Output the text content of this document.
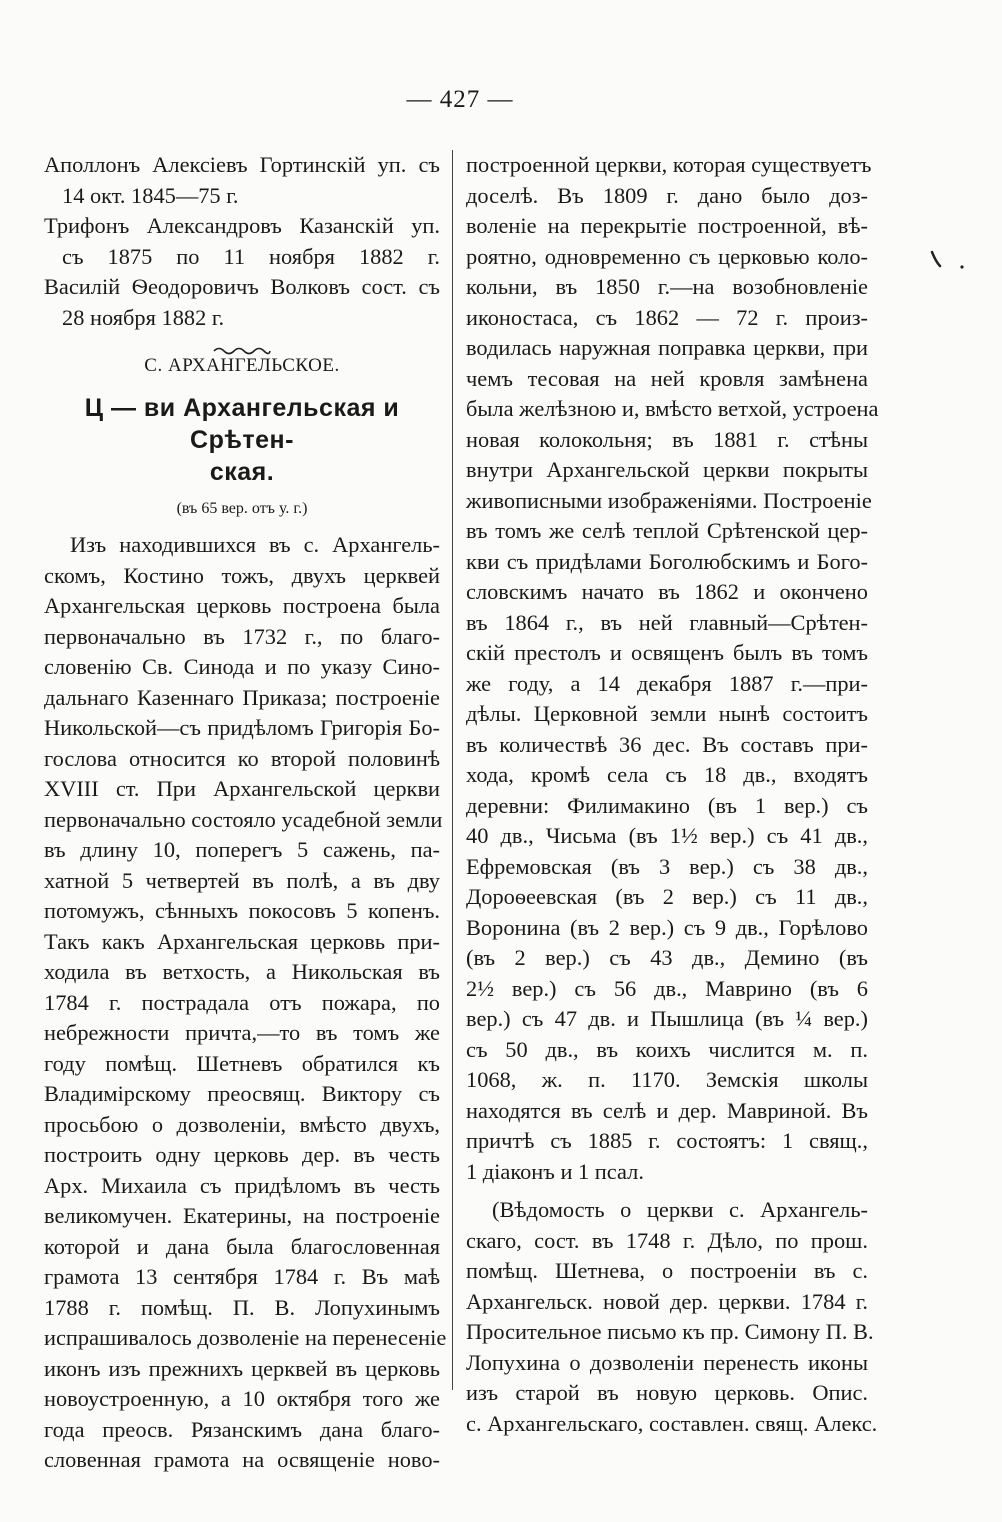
— 427 —
Аполлонъ Алексіевъ Гортинскій уп. съ
14 окт. 1845—75 г.
Трифонъ Александровъ Казанскій уп.
съ 1875 по 11 ноября 1882 г.
Василій Ѳеодоровичъ Волковъ сост. съ
28 ноября 1882 г.
С. АРХАНГЕЛЬСКОЕ.
Ц — ви Архангельская и Срѣтен-
ская.
(въ 65 вер. отъ у. г.)
Изъ находившихся въ с. Архангель-
скомъ, Костино тожъ, двухъ церквей
Архангельская церковь построена была
первоначально въ 1732 г., по благо-
словенію Св. Синода и по указу Сино-
дальнаго Казеннаго Приказа; построеніе
Никольской—съ придѣломъ Григорія Бо-
гослова относится ко второй половинѣ
XVIII ст. При Архангельской церкви
первоначально состояло усадебной земли
въ длину 10, поперегъ 5 сажень, па-
хатной 5 четвертей въ полѣ, а въ дву
потомужъ, сѣнныхъ покосовъ 5 копенъ.
Такъ какъ Архангельская церковь при-
ходила въ ветхость, а Никольская въ
1784 г. пострадала отъ пожара, по
небрежности причта,—то въ томъ же
году помѣщ. Шетневъ обратился къ
Владимірскому преосвящ. Виктору съ
просьбою о дозволеніи, вмѣсто двухъ,
построить одну церковь дер. въ честь
Арх. Михаила съ придѣломъ въ честь
великомучен. Екатерины, на построеніе
которой и дана была благословенная
грамота 13 сентября 1784 г. Въ маѣ
1788 г. помѣщ. П. В. Лопухинымъ
испрашивалось дозволеніе на перенесеніе
иконъ изъ прежнихъ церквей въ церковь
новоустроенную, а 10 октября того же
года преосв. Рязанскимъ дана благо-
словенная грамота на освященіе ново-
построенной церкви, которая существуетъ
доселѣ. Въ 1809 г. дано было доз-
воленіе на перекрытіе построенной, вѣ-
роятно, одновременно съ церковью коло-
кольни, въ 1850 г.—на возобновленіе
иконостаса, съ 1862 — 72 г. произ-
водилась наружная поправка церкви, при
чемъ тесовая на ней кровля замѣнена
была желѣзною и, вмѣсто ветхой, устроена
новая колокольня; въ 1881 г. стѣны
внутри Архангельской церкви покрыты
живописными изображеніями. Построеніе
въ томъ же селѣ теплой Срѣтенской цер-
кви съ придѣлами Боголюбскимъ и Бого-
словскимъ начато въ 1862 и окончено
въ 1864 г., въ ней главный—Срѣтен-
скій престолъ и освященъ былъ въ томъ
же году, а 14 декабря 1887 г.—при-
дѣлы. Церковной земли нынѣ состоитъ
въ количествѣ 36 дес. Въ составъ при-
хода, кромѣ села съ 18 дв., входятъ
деревни: Филимакино (въ 1 вер.) съ
40 дв., Чисьма (въ 1½ вер.) съ 41 дв.,
Ефремовская (въ 3 вер.) съ 38 дв.,
Дороѳеевская (въ 2 вер.) съ 11 дв.,
Воронина (въ 2 вер.) съ 9 дв., Горѣлово
(въ 2 вер.) съ 43 дв., Демино (въ
2½ вер.) съ 56 дв., Маврино (въ 6
вер.) съ 47 дв. и Пышлица (въ ¼ вер.)
съ 50 дв., въ коихъ числится м. п.
1068, ж. п. 1170. Земскія школы
находятся въ селѣ и дер. Мавриной. Въ
причтѣ съ 1885 г. состоятъ: 1 свящ.,
1 діаконъ и 1 псал.
(Вѣдомость о церкви с. Архангель-
скаго, сост. въ 1748 г. Дѣло, по прош.
помѣщ. Шетнева, о построеніи въ с.
Архангельск. новой дер. церкви. 1784 г.
Просительное письмо къ пр. Симону П. В.
Лопухина о дозволеніи перенесть иконы
изъ старой въ новую церковь. Опис.
с. Архангельскаго, составлен. свящ. Алекс.
